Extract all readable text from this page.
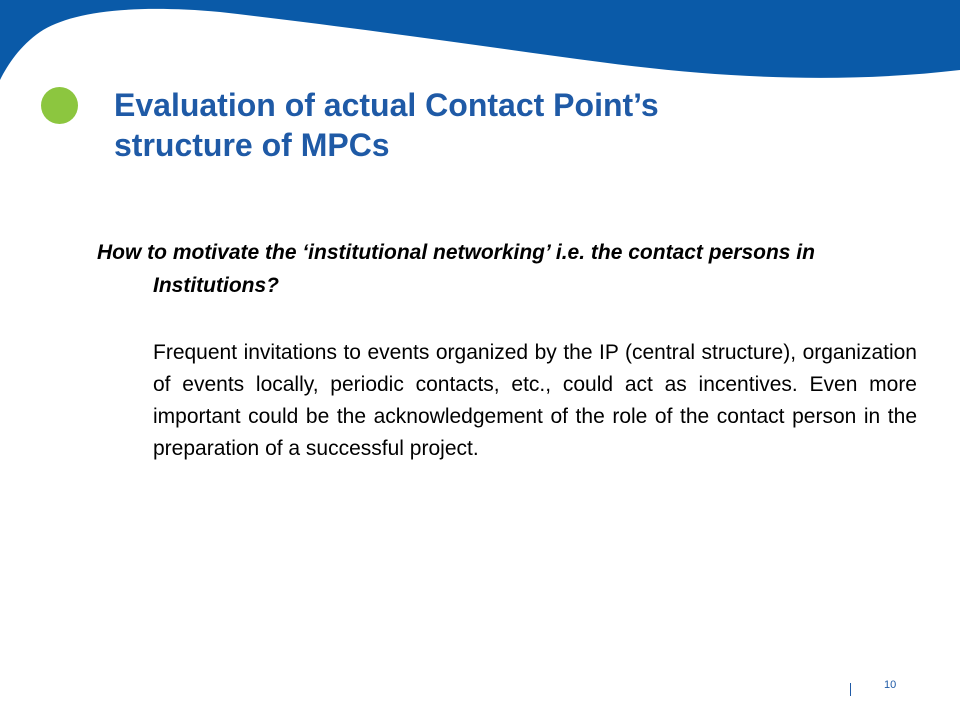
Evaluation of actual Contact Point’s
structure of MPCs

How to motivate the ‘institutional networking’ i.e. the contact persons in Institutions?

Frequent invitations to events organized by the IP (central structure), organization of events locally, periodic contacts, etc., could act as incentives. Even more important could be the acknowledgement of the role of the contact person in the preparation of a successful project.

10
